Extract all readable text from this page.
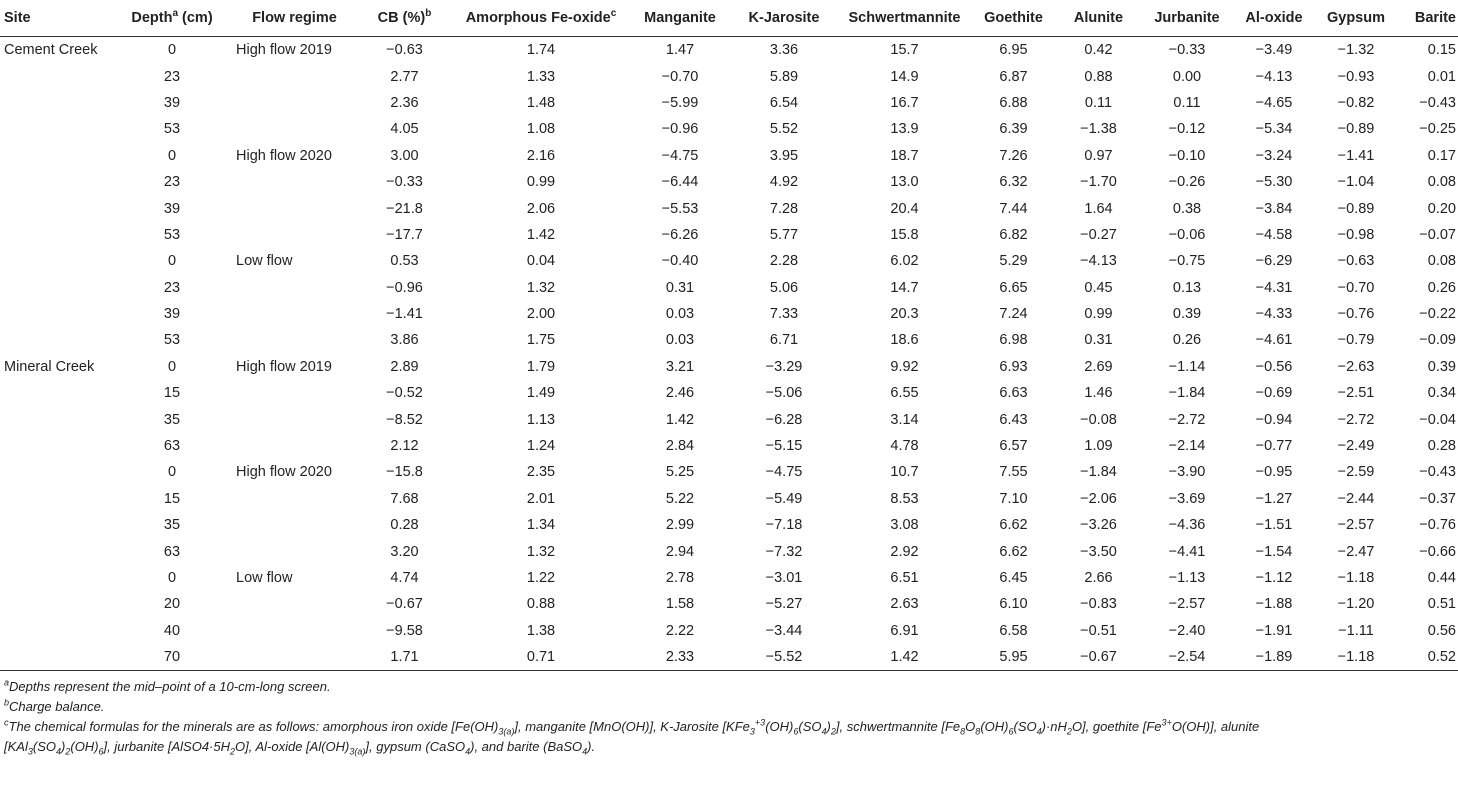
Site	Depth$^a$ (cm)	Flow regime	CB (%)$^b$	Amorphous Fe-oxide$^c$	Manganite	K-Jarosite	Schwertmannite	Goethite	Alunite	Jurbanite	Al-oxide	Gypsum	Barite
Cement Creek	0	High flow 2019	−0.63	1.74	1.47	3.36	15.7	6.95	0.42	−0.33	−3.49	−1.32	0.15
	23		2.77	1.33	−0.70	5.89	14.9	6.87	0.88	0.00	−4.13	−0.93	0.01
	39		2.36	1.48	−5.99	6.54	16.7	6.88	0.11	0.11	−4.65	−0.82	−0.43
	53		4.05	1.08	−0.96	5.52	13.9	6.39	−1.38	−0.12	−5.34	−0.89	−0.25
	0	High flow 2020	3.00	2.16	−4.75	3.95	18.7	7.26	0.97	−0.10	−3.24	−1.41	0.17
	23		−0.33	0.99	−6.44	4.92	13.0	6.32	−1.70	−0.26	−5.30	−1.04	0.08
	39		−21.8	2.06	−5.53	7.28	20.4	7.44	1.64	0.38	−3.84	−0.89	0.20
	53		−17.7	1.42	−6.26	5.77	15.8	6.82	−0.27	−0.06	−4.58	−0.98	−0.07
	0	Low flow	0.53	0.04	−0.40	2.28	6.02	5.29	−4.13	−0.75	−6.29	−0.63	0.08
	23		−0.96	1.32	0.31	5.06	14.7	6.65	0.45	0.13	−4.31	−0.70	0.26
	39		−1.41	2.00	0.03	7.33	20.3	7.24	0.99	0.39	−4.33	−0.76	−0.22
	53		3.86	1.75	0.03	6.71	18.6	6.98	0.31	0.26	−4.61	−0.79	−0.09
Mineral Creek	0	High flow 2019	2.89	1.79	3.21	−3.29	9.92	6.93	2.69	−1.14	−0.56	−2.63	0.39
	15		−0.52	1.49	2.46	−5.06	6.55	6.63	1.46	−1.84	−0.69	−2.51	0.34
	35		−8.52	1.13	1.42	−6.28	3.14	6.43	−0.08	−2.72	−0.94	−2.72	−0.04
	63		2.12	1.24	2.84	−5.15	4.78	6.57	1.09	−2.14	−0.77	−2.49	0.28
	0	High flow 2020	−15.8	2.35	5.25	−4.75	10.7	7.55	−1.84	−3.90	−0.95	−2.59	−0.43
	15		7.68	2.01	5.22	−5.49	8.53	7.10	−2.06	−3.69	−1.27	−2.44	−0.37
	35		0.28	1.34	2.99	−7.18	3.08	6.62	−3.26	−4.36	−1.51	−2.57	−0.76
	63		3.20	1.32	2.94	−7.32	2.92	6.62	−3.50	−4.41	−1.54	−2.47	−0.66
	0	Low flow	4.74	1.22	2.78	−3.01	6.51	6.45	2.66	−1.13	−1.12	−1.18	0.44
	20		−0.67	0.88	1.58	−5.27	2.63	6.10	−0.83	−2.57	−1.88	−1.20	0.51
	40		−9.58	1.38	2.22	−3.44	6.91	6.58	−0.51	−2.40	−1.91	−1.11	0.56
	70		1.71	0.71	2.33	−5.52	1.42	5.95	−0.67	−2.54	−1.89	−1.18	0.52

$^a$Depths represent the mid–point of a 10-cm-long screen.

$^b$Charge balance.

$^c$The chemical formulas for the minerals are as follows: amorphous iron oxide $[Fe(OH)_{3(a)}]$, manganite [MnO(OH)], K-Jarosite $[KFe_3^{+3}(OH)_6(SO_4)_2]$, schwertmannite $[Fe_8O_8(OH)_6(SO_4)\cdot nH_2O]$, goethite $[Fe^{3+}O(OH)]$, alunite
$[KAl_3(SO_4)_2(OH)_6]$, jurbanite $[AlSO4\cdot 5H_2O]$, Al-oxide $[Al(OH)_{3(a)}]$, gypsum (CaSO$_4$), and barite (BaSO$_4$).
